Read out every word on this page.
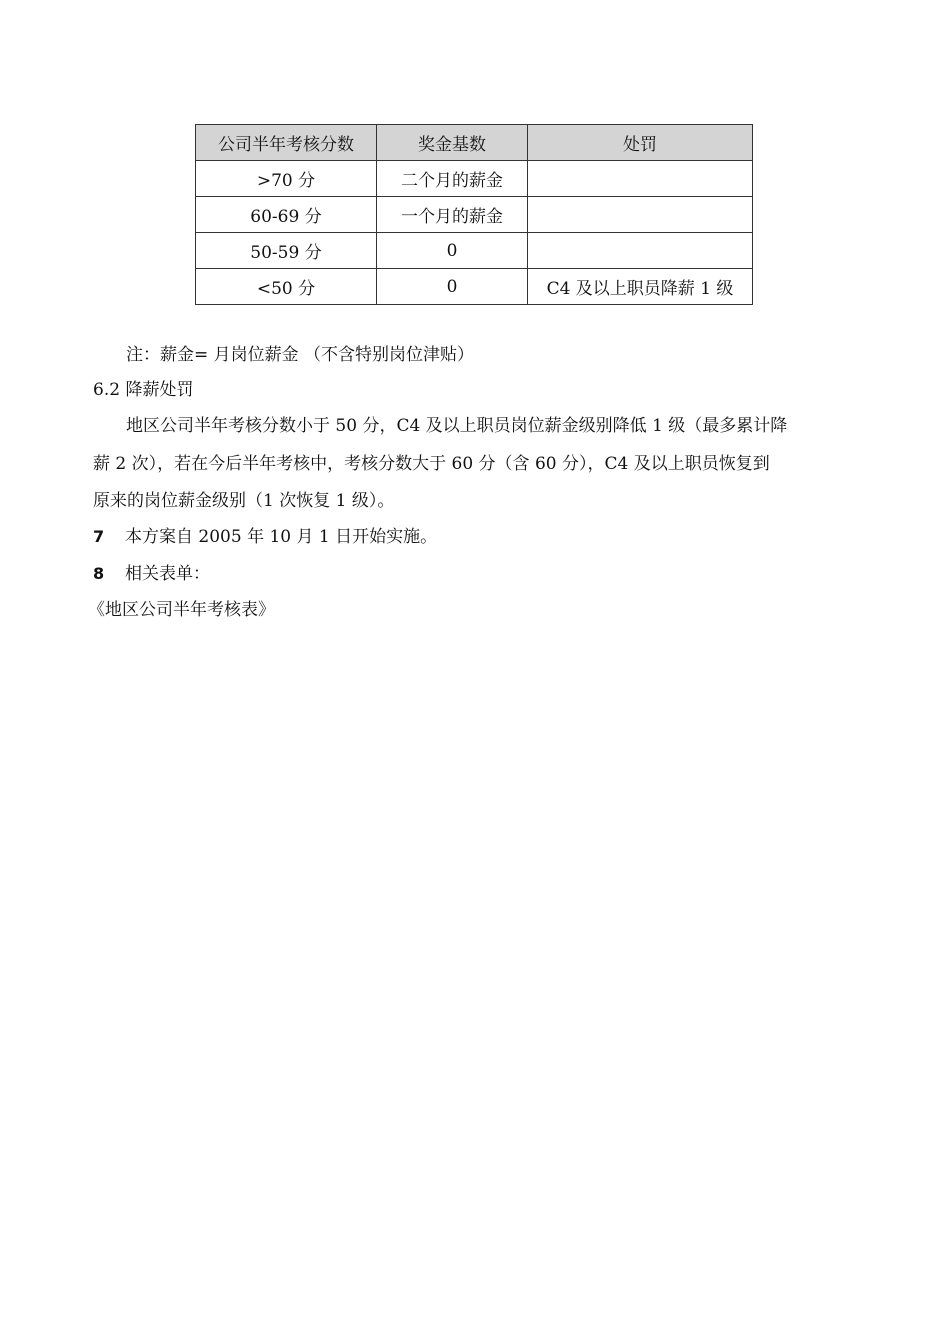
公司半年考核分数	奖金基数	处罚
>70 分	二个月的薪金	
60-69 分	一个月的薪金	
50-59 分	0	
<50 分	0	C4 及以上职员降薪 1 级
注：薪金= 月岗位薪金 （不含特别岗位津贴）
6.2 降薪处罚
地区公司半年考核分数小于 50 分，C4 及以上职员岗位薪金级别降低 1 级（最多累计降
薪 2 次），若在今后半年考核中，考核分数大于 60 分（含 60 分），C4 及以上职员恢复到
原来的岗位薪金级别（1 次恢复 1 级）。
7 本方案自 2005 年 10 月 1 日开始实施。
8 相关表单：
《地区公司半年考核表》
